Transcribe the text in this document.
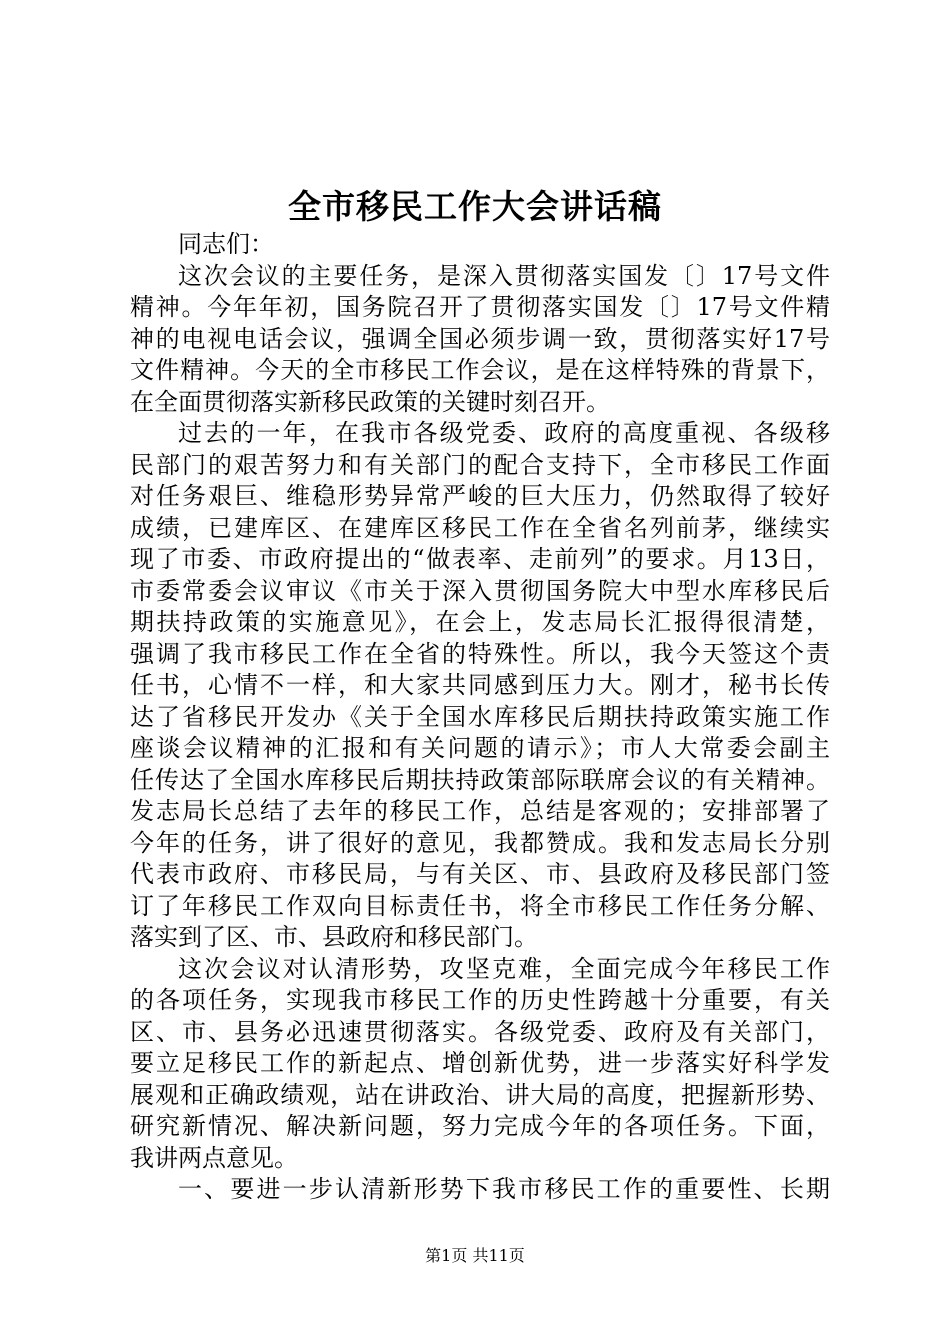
全市移民工作大会讲话稿
同志们：
这次会议的主要任务，是深入贯彻落实国发〔〕17号文件
精神。今年年初，国务院召开了贯彻落实国发〔〕17号文件精
神的电视电话会议，强调全国必须步调一致，贯彻落实好17号
文件精神。今天的全市移民工作会议，是在这样特殊的背景下，
在全面贯彻落实新移民政策的关键时刻召开。
过去的一年，在我市各级党委、政府的高度重视、各级移
民部门的艰苦努力和有关部门的配合支持下，全市移民工作面
对任务艰巨、维稳形势异常严峻的巨大压力，仍然取得了较好
成绩，已建库区、在建库区移民工作在全省名列前茅，继续实
现了市委、市政府提出的“做表率、走前列”的要求。月13日，
市委常委会议审议《市关于深入贯彻国务院大中型水库移民后
期扶持政策的实施意见》，在会上，发志局长汇报得很清楚，
强调了我市移民工作在全省的特殊性。所以，我今天签这个责
任书，心情不一样，和大家共同感到压力大。刚才，秘书长传
达了省移民开发办《关于全国水库移民后期扶持政策实施工作
座谈会议精神的汇报和有关问题的请示》；市人大常委会副主
任传达了全国水库移民后期扶持政策部际联席会议的有关精神。
发志局长总结了去年的移民工作，总结是客观的；安排部署了
今年的任务，讲了很好的意见，我都赞成。我和发志局长分别
代表市政府、市移民局，与有关区、市、县政府及移民部门签
订了年移民工作双向目标责任书，将全市移民工作任务分解、
落实到了区、市、县政府和移民部门。
这次会议对认清形势，攻坚克难，全面完成今年移民工作
的各项任务，实现我市移民工作的历史性跨越十分重要，有关
区、市、县务必迅速贯彻落实。各级党委、政府及有关部门，
要立足移民工作的新起点、增创新优势，进一步落实好科学发
展观和正确政绩观，站在讲政治、讲大局的高度，把握新形势、
研究新情况、解决新问题，努力完成今年的各项任务。下面，
我讲两点意见。
一、要进一步认清新形势下我市移民工作的重要性、长期
第1页 共11页
